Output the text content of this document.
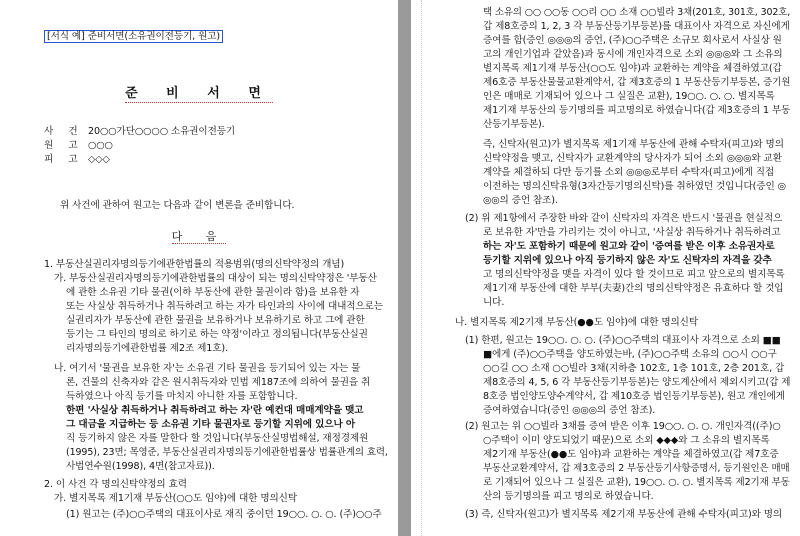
[서식 예] 준비서면(소유권이전등기, 원고)
준 비 서 면
사 건 20○○가단○○○○ 소유권이전등기
원 고 ○○○
피 고 ◇◇◇
위 사건에 관하여 원고는 다음과 같이 변론을 준비합니다.
다 음
1. 부동산실권리자명의등기에관한법률의 적용범위(명의신탁약정의 개념)
가. 부동산실권리자명의등기에관한법률의 대상이 되는 명의신탁약정은 '부동산
에 관한 소유권 기타 물권(이하 부동산에 관한 물권이라 함)을 보유한 자
또는 사실상 취득하거나 취득하려고 하는 자가 타인과의 사이에 대내적으로는
실권리자가 부동산에 관한 물권을 보유하거나 보유하기로 하고 그에 관한
등기는 그 타인의 명의로 하기로 하는 약정'이라고 정의됩니다(부동산실권
리자명의등기에관한법률 제2조 제1호).
나. 여기서 '물권을 보유한 자'는 소유권 기타 물권을 등기되어 있는 자는 물
론, 건물의 신축자와 같은 원시취득자와 민법 제187조에 의하여 물권을 취
득하였으나 아직 등기를 마치지 아니한 자를 포함합니다.
한편 '사실상 취득하거나 취득하려고 하는 자'란 예컨대 매매계약을 맺고
그 대금을 지급하는 등 소유권 기타 물권자로 등기할 지위에 있으나 아
직 등기하지 않은 자를 말한다 할 것입니다(부동산실명법해설, 재정경제원
(1995), 23면; 목영준, 부동산실권리자명의등기에관한법률상 법률관계의 효력,
사법연수원(1998), 4면(참고자료)).
2. 이 사건 각 명의신탁약정의 효력
가. 별지목록 제1기재 부동산(○○도 임야)에 대한 명의신탁
(1) 원고는 (주)○○주택의 대표이사로 재직 중이던 19○○. ○. ○. (주)○○주
택 소유의 ○○ ○○동 ○○리 ○○ 소재 ○○빌라 3채(201호, 301호, 302호,
갑 제8호증의 1, 2, 3 각 부동산등기부등본)를 대표이사 자격으로 자신에게
증여를 함(증인 ◎◎◎의 증언, (주)○○주택은 소규모 회사로서 사실상 원
고의 개인기업과 같았음)과 동시에 개인자격으로 소외 ◎◎◎와 그 소유의
별지목록 제1기재 부동산(○○도 임야)과 교환하는 계약을 체결하였고(갑
제6호증 부동산물물교환계약서, 갑 제3호증의 1 부동산등기부등본, 증기원
인은 매매로 기재되어 있으나 그 실질은 교환), 19○○. ○. ○. 별지목록
제1기재 부동산의 등기명의를 피고명의로 하였습니다(갑 제3호증의 1 부동
산등기부등본).
즉, 신탁자(원고)가 별지목록 제1기재 부동산에 관해 수탁자(피고)와 명의
신탁약정을 맺고, 신탁자가 교환계약의 당사자가 되어 소외 ◎◎◎와 교환
계약을 체결하되 다만 등기를 소외 ◎◎◎로부터 수탁자(피고)에게 직접
이전하는 명의신탁유형(3자간등기명의신탁)를 취하였던 것입니다(증인 ◎
◎◎의 증언 참조).
(2) 위 제1항에서 주장한 바와 같이 신탁자의 자격은 반드시 '물권을 현실적으
로 보유한 자'만을 가리키는 것이 아니고, '사실상 취득하거나 취득하려고
하는 자'도 포함하기 때문에 원고와 같이 '증여를 받은 이후 소유권자로
등기할 지위에 있으나 아직 등기하지 않은 자'도 신탁자의 자격을 갖추
고 명의신탁약정을 맺을 자격이 있다 할 것이므로 피고 앞으로의 별지목록
제1기재 부동산에 대한 부부(夫妻)간의 명의신탁약정은 유효하다 할 것입
니다.
나. 별지목록 제2기재 부동산(●●도 임야)에 대한 명의신탁
(1) 한편, 원고는 19○○. ○. ○. (주)○○주택의 대표이사 자격으로 소외 ■■
■에게 (주)○○주택을 양도하였는바, (주)○○주택 소유의 ○○시 ○○구
○○길 ○○ 소재 ○○빌라 3채(지하층 102호, 1층 101호, 2층 201호, 갑
제8호증의 4, 5, 6 각 부동산등기부등본)는 양도계산에서 제외시키고(갑 제
8호증 법인양도양수계약서, 갑 제10호증 법인등기부등본), 원고 개인에게
증여하였습니다(증인 ◎◎◎의 증언 참조).
(2) 원고는 위 ○○빌라 3채를 증여 받은 이후 19○○. ○. ○. 개인자격((주)○
○주택이 이미 양도되었기 때문)으로 소외 ◆◆◆와 그 소유의 별지목록
제2기재 부동산(●●도 임야)과 교환하는 계약을 체결하였고(갑 제7호증
부동산교환계약서, 갑 제3호증의 2 부동산등기사항증명서, 등기원인은 매매
로 기재되어 있으나 그 실질은 교환), 19○○. ○. ○. 별지목록 제2기재 부동
산의 등기명의를 피고 명의로 하였습니다.
(3) 즉, 신탁자(원고)가 별지목록 제2기재 부동산에 관해 수탁자(피고)와 명의
